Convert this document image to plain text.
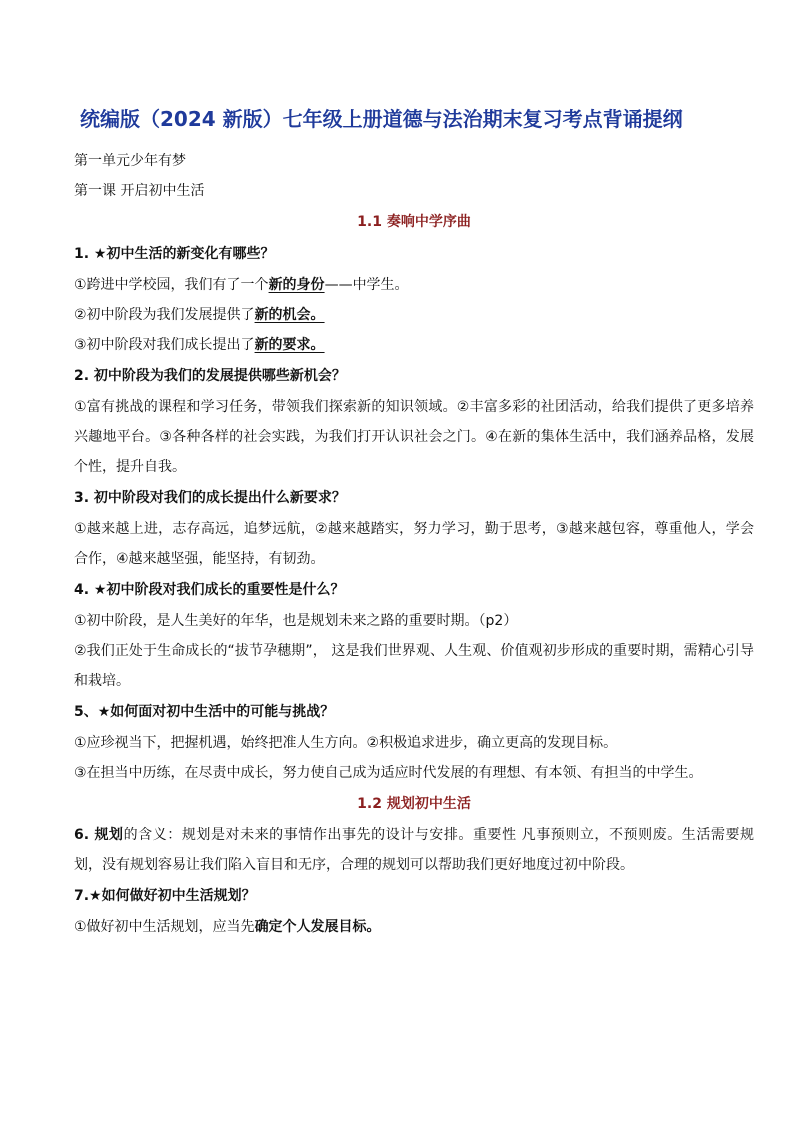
统编版（2024 新版）七年级上册道德与法治期末复习考点背诵提纲
第一单元少年有梦
第一课 开启初中生活
1.1 奏响中学序曲
1. ★初中生活的新变化有哪些？
①跨进中学校园，我们有了一个新的身份——中学生。
②初中阶段为我们发展提供了新的机会。
③初中阶段对我们成长提出了新的要求。
2. 初中阶段为我们的发展提供哪些新机会？
①富有挑战的课程和学习任务，带领我们探索新的知识领域。②丰富多彩的社团活动，给我们提供了更多培养兴趣地平台。③各种各样的社会实践，为我们打开认识社会之门。④在新的集体生活中，我们涵养品格，发展个性，提升自我。
3. 初中阶段对我们的成长提出什么新要求？
①越来越上进，志存高远，追梦远航，②越来越踏实，努力学习，勤于思考，③越来越包容，尊重他人，学会合作，④越来越坚强，能坚持，有韧劲。
4. ★初中阶段对我们成长的重要性是什么？
①初中阶段，是人生美好的年华，也是规划未来之路的重要时期。（p2）
②我们正处于生命成长的“拔节孕穗期”， 这是我们世界观、人生观、价值观初步形成的重要时期，需精心引导和栽培。
5、★如何面对初中生活中的可能与挑战？
①应珍视当下，把握机遇，始终把准人生方向。②积极追求进步，确立更高的发现目标。
③在担当中历练，在尽责中成长，努力使自己成为适应时代发展的有理想、有本领、有担当的中学生。
1.2 规划初中生活
6. 规划的含义：规划是对未来的事情作出事先的设计与安排。重要性 凡事预则立，不预则废。生活需要规划，没有规划容易让我们陷入盲目和无序，合理的规划可以帮助我们更好地度过初中阶段。
7.★如何做好初中生活规划？
①做好初中生活规划，应当先确定个人发展目标。
